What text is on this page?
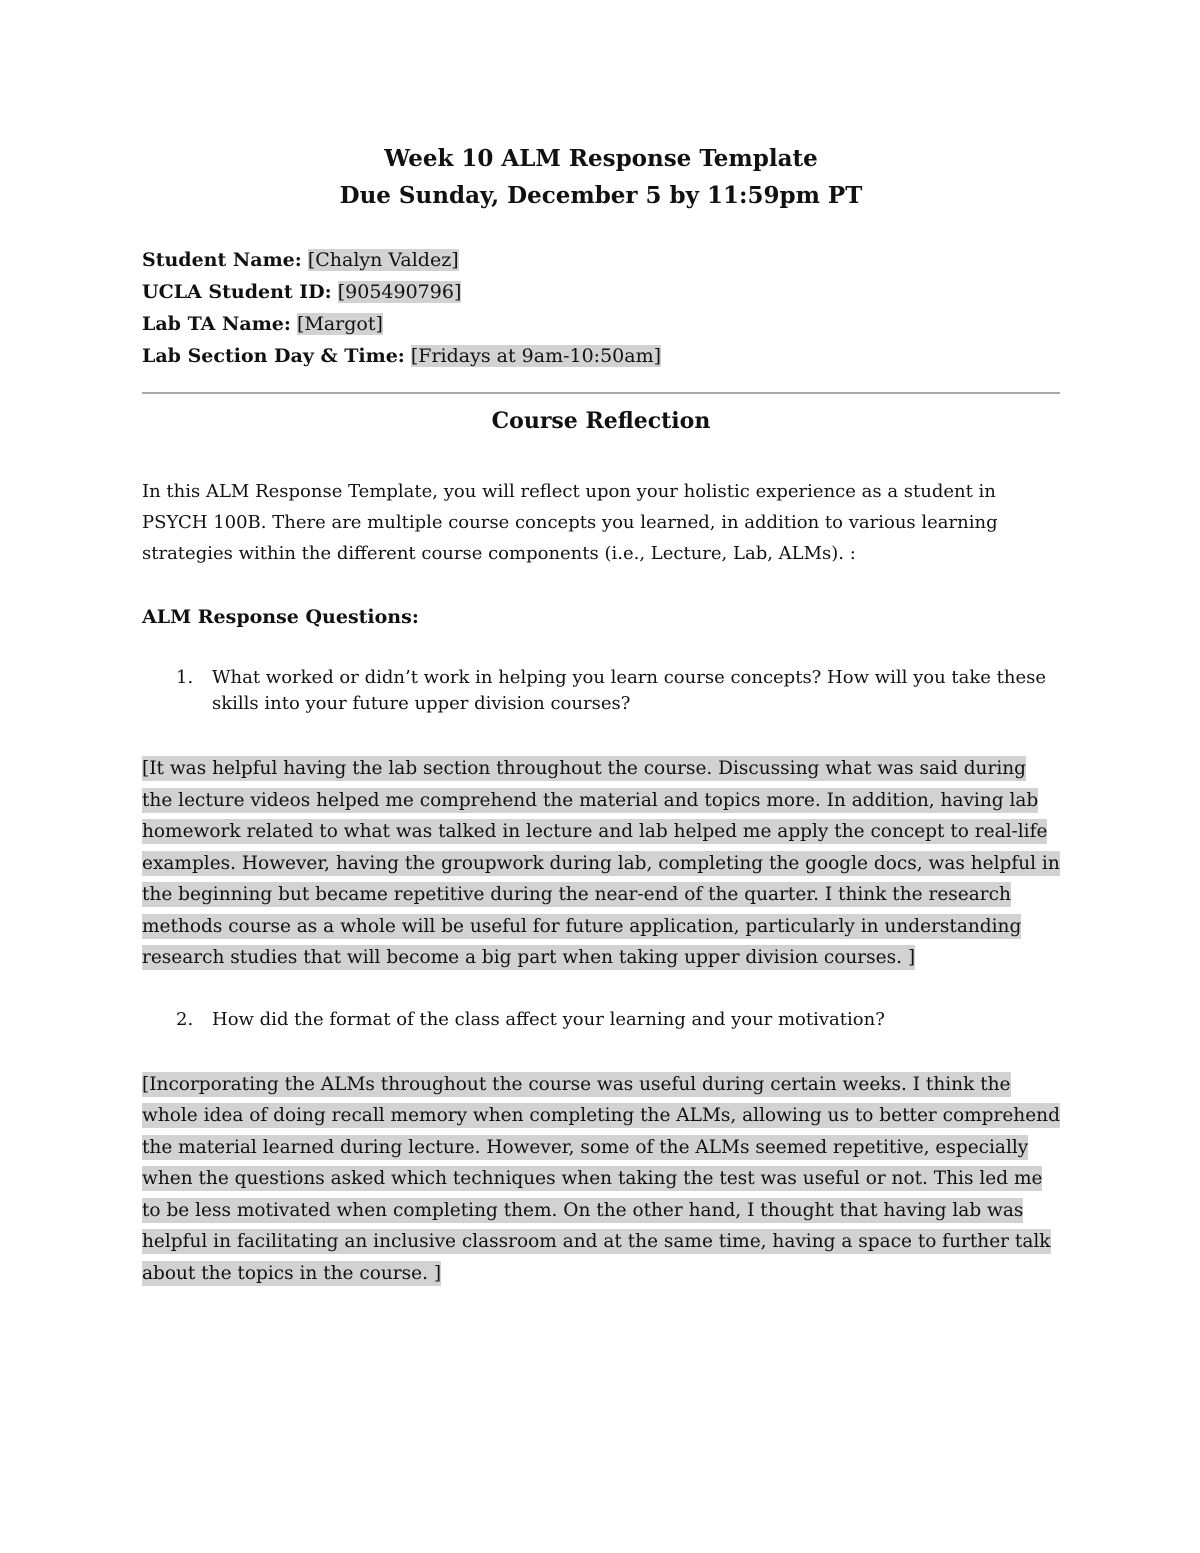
Week 10 ALM Response Template
Due Sunday, December 5 by 11:59pm PT
Student Name: [Chalyn Valdez]
UCLA Student ID: [905490796]
Lab TA Name: [Margot]
Lab Section Day & Time: [Fridays at 9am-10:50am]
Course Reflection
In this ALM Response Template, you will reflect upon your holistic experience as a student in PSYCH 100B. There are multiple course concepts you learned, in addition to various learning strategies within the different course components (i.e., Lecture, Lab, ALMs). :
ALM Response Questions:
1. What worked or didn’t work in helping you learn course concepts? How will you take these skills into your future upper division courses?
[It was helpful having the lab section throughout the course. Discussing what was said during the lecture videos helped me comprehend the material and topics more. In addition, having lab homework related to what was talked in lecture and lab helped me apply the concept to real-life examples. However, having the groupwork during lab, completing the google docs, was helpful in the beginning but became repetitive during the near-end of the quarter. I think the research methods course as a whole will be useful for future application, particularly in understanding research studies that will become a big part when taking upper division courses. ]
2. How did the format of the class affect your learning and your motivation?
[Incorporating the ALMs throughout the course was useful during certain weeks. I think the whole idea of doing recall memory when completing the ALMs, allowing us to better comprehend the material learned during lecture. However, some of the ALMs seemed repetitive, especially when the questions asked which techniques when taking the test was useful or not. This led me to be less motivated when completing them. On the other hand, I thought that having lab was helpful in facilitating an inclusive classroom and at the same time, having a space to further talk about the topics in the course. ]
